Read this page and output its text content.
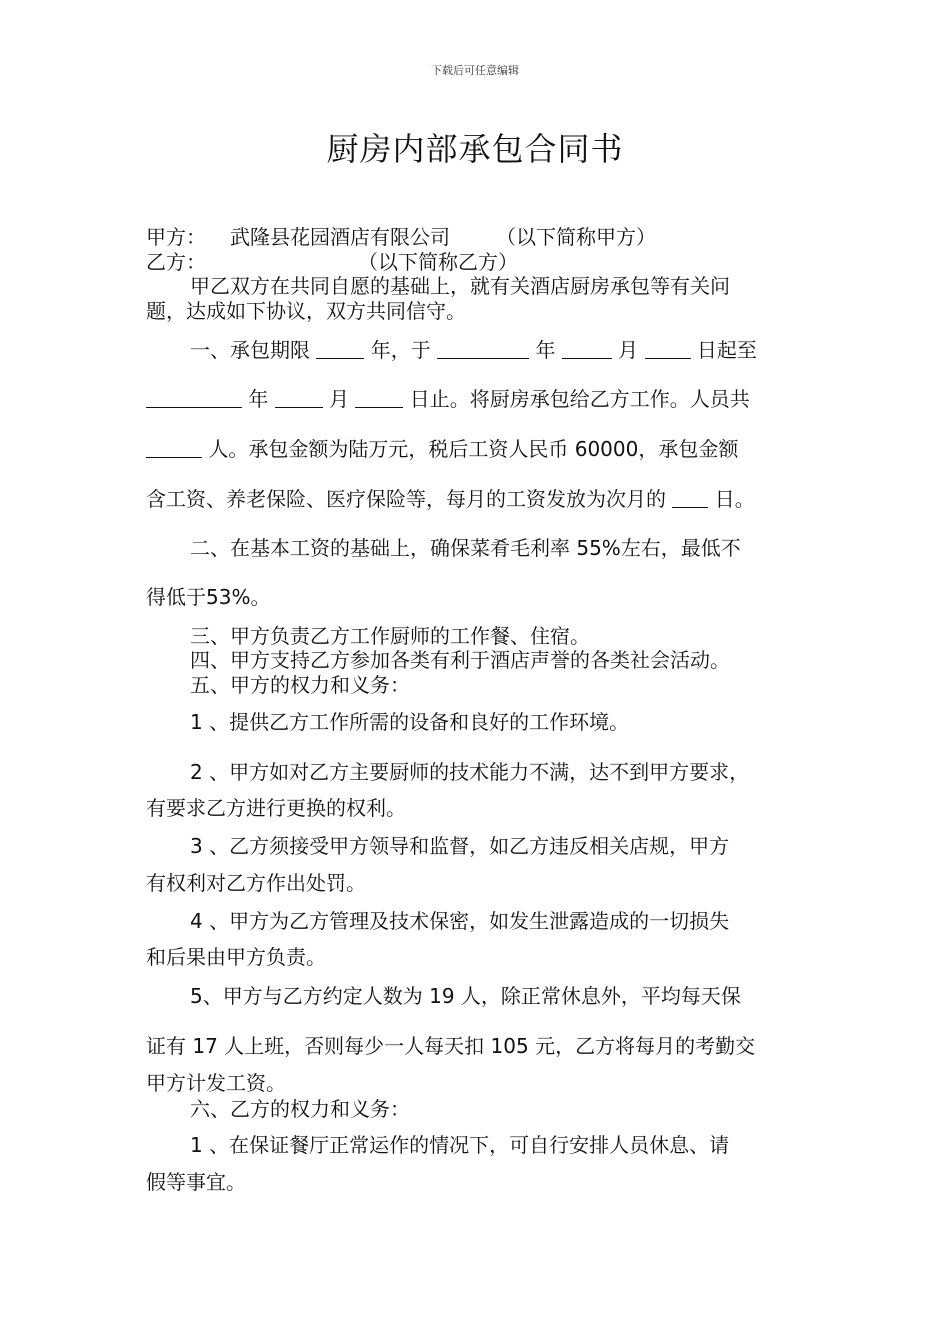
下载后可任意编辑
厨房内部承包合同书
甲方： 武隆县花园酒店有限公司 （以下简称甲方）
乙方：	（以下简称乙方）
甲乙双方在共同自愿的基础上，就有关酒店厨房承包等有关问
题，达成如下协议，双方共同信守。
一、承包期限	年，于	年	月	日起至
年	月	日止。将厨房承包给乙方工作。人员共
人。承包金额为陆万元，税后工资人民币 60000，承包金额
含工资、养老保险、医疗保险等，每月的工资发放为次月的 日。
二、在基本工资的基础上，确保菜肴毛利率 55%左右，最低不
得低于53%。
三、甲方负责乙方工作厨师的工作餐、住宿。
四、甲方支持乙方参加各类有利于酒店声誉的各类社会活动。
五、甲方的权力和义务：
1 、提供乙方工作所需的设备和良好的工作环境。
2 、甲方如对乙方主要厨师的技术能力不满，达不到甲方要求，
有要求乙方进行更换的权利。
3 、乙方须接受甲方领导和监督，如乙方违反相关店规，甲方
有权利对乙方作出处罚。
4 、甲方为乙方管理及技术保密，如发生泄露造成的一切损失
和后果由甲方负责。
5、甲方与乙方约定人数为 19 人，除正常休息外，平均每天保
证有 17 人上班，否则每少一人每天扣 105 元，乙方将每月的考勤交
甲方计发工资。
六、乙方的权力和义务：
1 、在保证餐厅正常运作的情况下，可自行安排人员休息、请
假等事宜。
